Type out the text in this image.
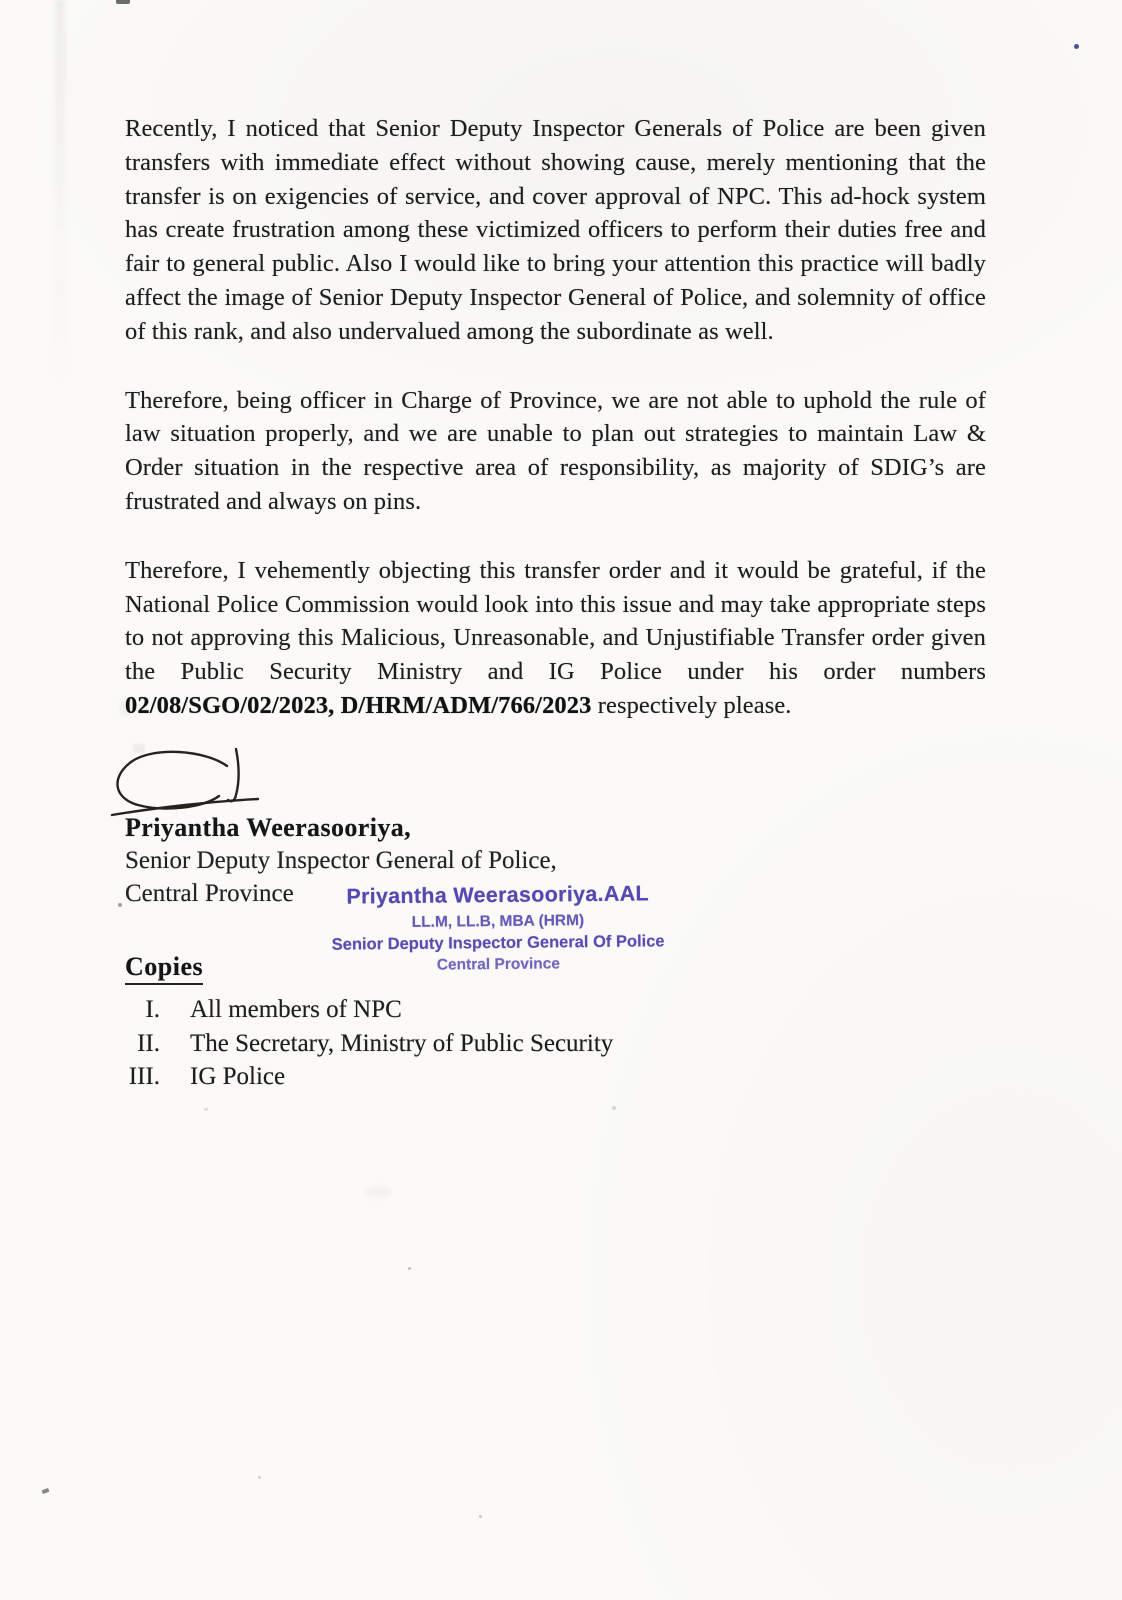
Recently, I noticed that Senior Deputy Inspector Generals of Police are been given transfers with immediate effect without showing cause, merely mentioning that the transfer is on exigencies of service, and cover approval of NPC. This ad-hock system has create frustration among these victimized officers to perform their duties free and fair to general public. Also I would like to bring your attention this practice will badly affect the image of Senior Deputy Inspector General of Police, and solemnity of office of this rank, and also undervalued among the subordinate as well.

Therefore, being officer in Charge of Province, we are not able to uphold the rule of law situation properly, and we are unable to plan out strategies to maintain Law & Order situation in the respective area of responsibility, as majority of SDIG’s are frustrated and always on pins.

Therefore, I vehemently objecting this transfer order and it would be grateful, if the National Police Commission would look into this issue and may take appropriate steps to not approving this Malicious, Unreasonable, and Unjustifiable Transfer order given the Public Security Ministry and IG Police under his order numbers 02/08/SGO/02/2023, D/HRM/ADM/766/2023 respectively please.

Priyantha Weerasooriya,
Senior Deputy Inspector General of Police,
Central Province	Priyantha Weerasooriya.AAL
LL.M, LL.B, MBA (HRM)
Senior Deputy Inspector General Of Police
Central Province
Copies
I. All members of NPC
II. The Secretary, Ministry of Public Security
III. IG Police
